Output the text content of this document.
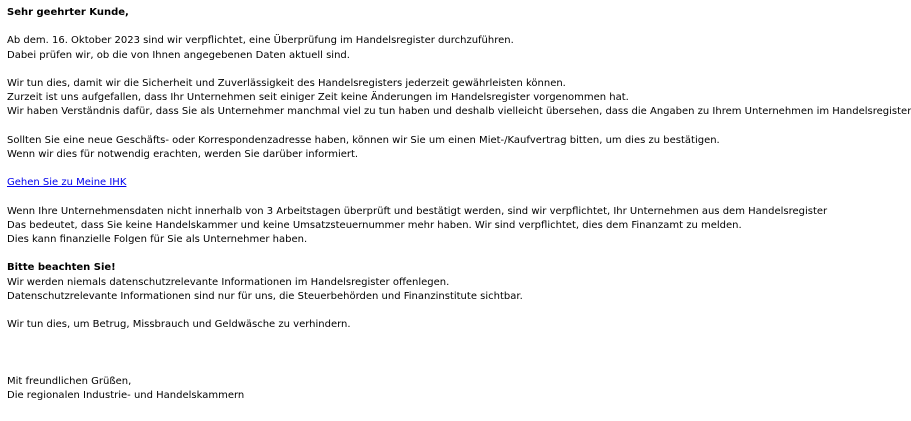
Sehr geehrter Kunde,
Ab dem. 16. Oktober 2023 sind wir verpflichtet, eine Überprüfung im Handelsregister durchzuführen.
Dabei prüfen wir, ob die von Ihnen angegebenen Daten aktuell sind.
Wir tun dies, damit wir die Sicherheit und Zuverlässigkeit des Handelsregisters jederzeit gewährleisten können.
Zurzeit ist uns aufgefallen, dass Ihr Unternehmen seit einiger Zeit keine Änderungen im Handelsregister vorgenommen hat.
Wir haben Verständnis dafür, dass Sie als Unternehmer manchmal viel zu tun haben und deshalb vielleicht übersehen, dass die Angaben zu Ihrem Unternehmen im Handelsregister
Sollten Sie eine neue Geschäfts- oder Korrespondenzadresse haben, können wir Sie um einen Miet-/Kaufvertrag bitten, um dies zu bestätigen.
Wenn wir dies für notwendig erachten, werden Sie darüber informiert.
Gehen Sie zu Meine IHK
Wenn Ihre Unternehmensdaten nicht innerhalb von 3 Arbeitstagen überprüft und bestätigt werden, sind wir verpflichtet, Ihr Unternehmen aus dem Handelsregister
Das bedeutet, dass Sie keine Handelskammer und keine Umsatzsteuernummer mehr haben. Wir sind verpflichtet, dies dem Finanzamt zu melden.
Dies kann finanzielle Folgen für Sie als Unternehmer haben.
Bitte beachten Sie!
Wir werden niemals datenschutzrelevante Informationen im Handelsregister offenlegen.
Datenschutzrelevante Informationen sind nur für uns, die Steuerbehörden und Finanzinstitute sichtbar.
Wir tun dies, um Betrug, Missbrauch und Geldwäsche zu verhindern.
Mit freundlichen Grüßen,
Die regionalen Industrie- und Handelskammern
